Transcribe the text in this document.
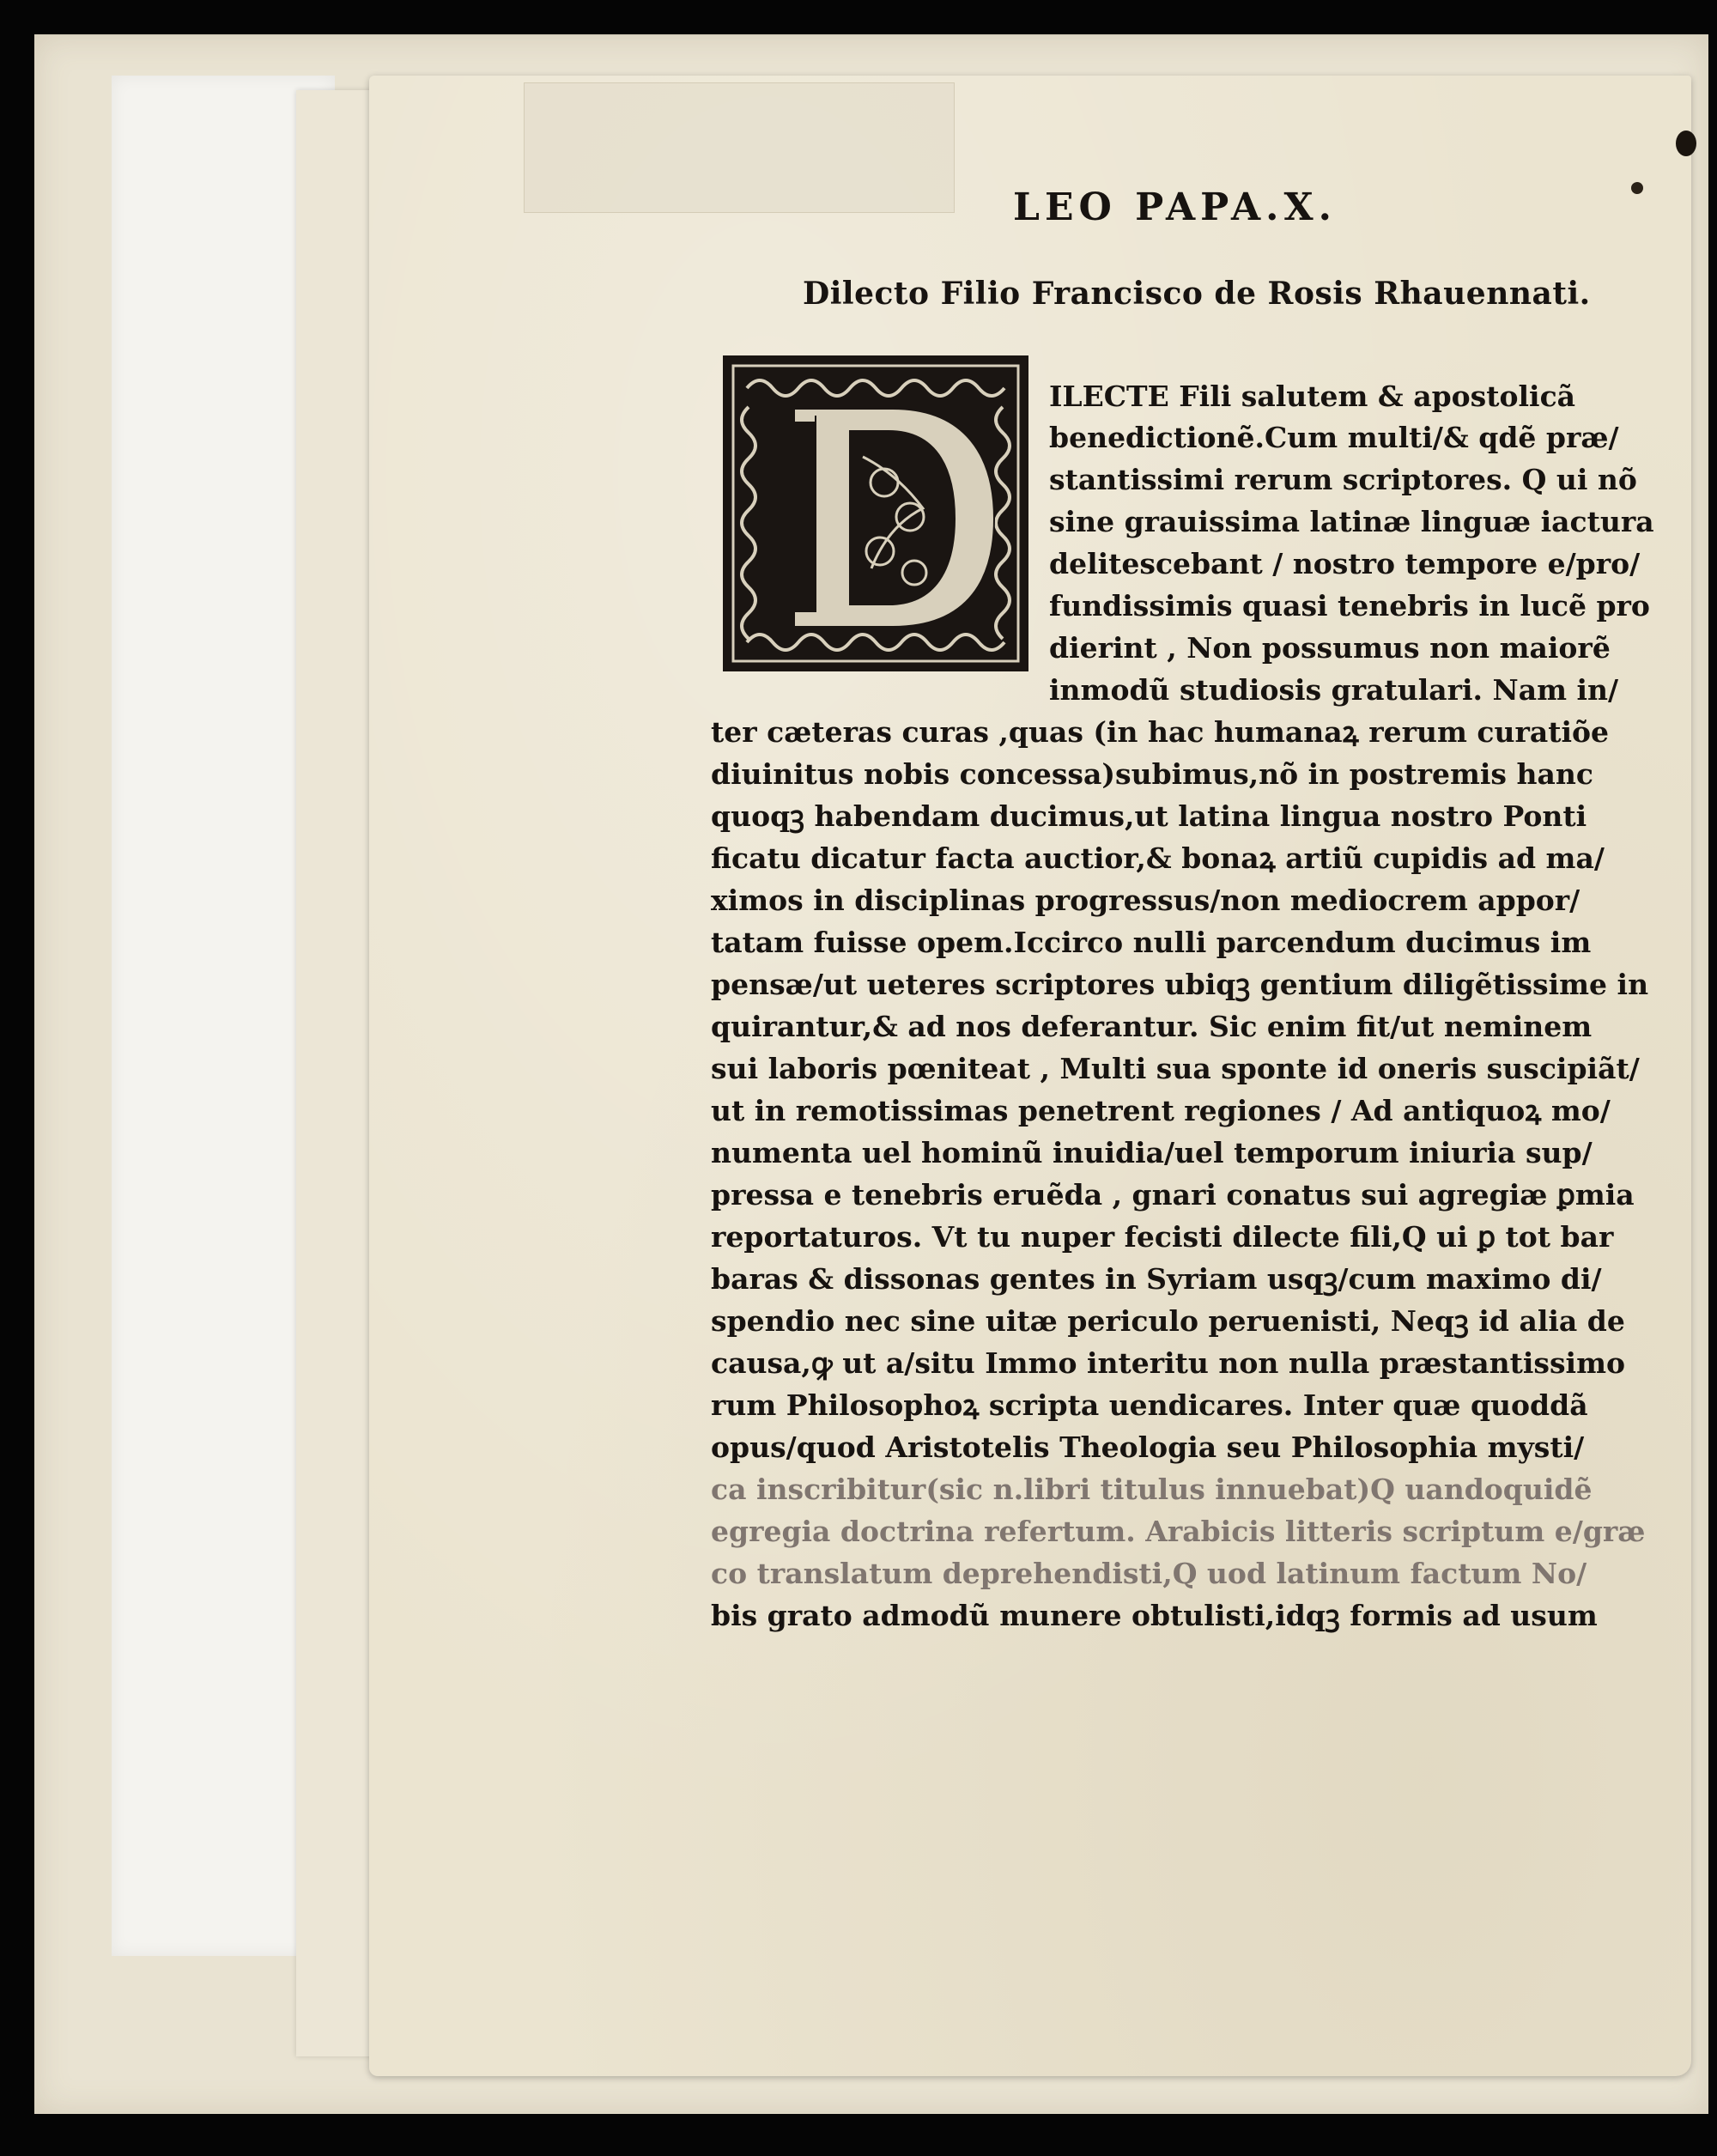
LEO PAPA.X.
Dilecto Filio Francisco de Rosis Rhauennati.
ILECTE Fili salutem & apostolicã
benedictionẽ.Cum multi/& qdẽ præ/
stantissimi rerum scriptores. Q ui nõ
sine grauissima latinæ linguæ iactura
delitescebant / nostro tempore e/pro/
fundissimis quasi tenebris in lucẽ pro
dierint , Non possumus non maiorẽ
inmodũ studiosis gratulari. Nam in/
ter cæteras curas ,quas (in hac humanaꝝ rerum curatiõe
diuinitus nobis concessa)subimus,nõ in postremis hanc
quoqꝫ habendam ducimus,ut latina lingua nostro Ponti
ficatu dicatur facta auctior,& bonaꝝ artiũ cupidis ad ma/
ximos in disciplinas progressus/non mediocrem appor/
tatam fuisse opem.Iccirco nulli parcendum ducimus im
pensæ/ut ueteres scriptores ubiqꝫ gentium diligẽtissime in
quirantur,& ad nos deferantur. Sic enim fit/ut neminem
sui laboris pœniteat , Multi sua sponte id oneris suscipiãt/
ut in remotissimas penetrent regiones / Ad antiquoꝝ mo/
numenta uel hominũ inuidia/uel temporum iniuria sup/
pressa e tenebris eruẽda , gnari conatus sui agregiæ ꝑmia
reportaturos. Vt tu nuper fecisti dilecte fili,Q ui ꝑ tot bar
baras & dissonas gentes in Syriam usqꝫ/cum maximo di/
spendio nec sine uitæ periculo peruenisti, Neqꝫ id alia de
causa,ꝙ ut a/situ Immo interitu non nulla præstantissimo
rum Philosophoꝝ scripta uendicares. Inter quæ quoddã
opus/quod Aristotelis Theologia seu Philosophia mysti/
ca inscribitur(sic n.libri titulus innuebat)Q uandoquidẽ
egregia doctrina refertum. Arabicis litteris scriptum e/græ
co translatum deprehendisti,Q uod latinum factum No/
bis grato admodũ munere obtulisti,idqꝫ formis ad usum
